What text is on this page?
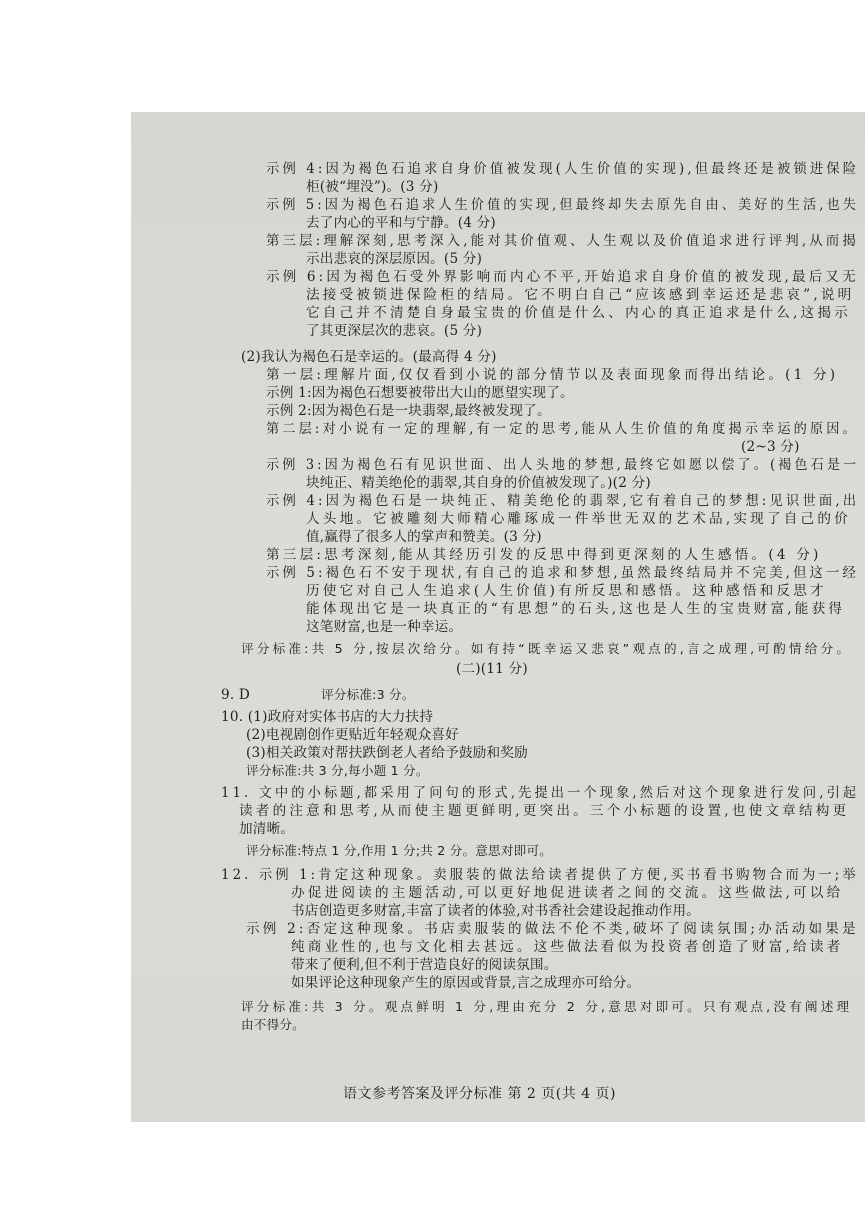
示例 4:因为褐色石追求自身价值被发现(人生价值的实现),但最终还是被锁进保险
柜(被“埋没”)。(3 分)
示例 5:因为褐色石追求人生价值的实现,但最终却失去原先自由、美好的生活,也失
去了内心的平和与宁静。(4 分)
第三层:理解深刻,思考深入,能对其价值观、人生观以及价值追求进行评判,从而揭
示出悲哀的深层原因。(5 分)
示例 6:因为褐色石受外界影响而内心不平,开始追求自身价值的被发现,最后又无
法接受被锁进保险柜的结局。它不明白自己“应该感到幸运还是悲哀”,说明
它自己并不清楚自身最宝贵的价值是什么、内心的真正追求是什么,这揭示
了其更深层次的悲哀。(5 分)
(2)我认为褐色石是幸运的。(最高得 4 分)
第一层:理解片面,仅仅看到小说的部分情节以及表面现象而得出结论。(1 分)
示例 1:因为褐色石想要被带出大山的愿望实现了。
示例 2:因为褐色石是一块翡翠,最终被发现了。
第二层:对小说有一定的理解,有一定的思考,能从人生价值的角度揭示幸运的原因。
(2~3 分)
示例 3:因为褐色石有见识世面、出人头地的梦想,最终它如愿以偿了。(褐色石是一
块纯正、精美绝伦的翡翠,其自身的价值被发现了。)(2 分)
示例 4:因为褐色石是一块纯正、精美绝伦的翡翠,它有着自己的梦想:见识世面,出
人头地。它被雕刻大师精心雕琢成一件举世无双的艺术品,实现了自己的价
值,赢得了很多人的掌声和赞美。(3 分)
第三层:思考深刻,能从其经历引发的反思中得到更深刻的人生感悟。(4 分)
示例 5:褐色石不安于现状,有自己的追求和梦想,虽然最终结局并不完美,但这一经
历使它对自己人生追求(人生价值)有所反思和感悟。这种感悟和反思才
能体现出它是一块真正的“有思想”的石头,这也是人生的宝贵财富,能获得
这笔财富,也是一种幸运。
评分标准:共 5 分,按层次给分。如有持“既幸运又悲哀”观点的,言之成理,可酌情给分。
(二)(11 分)
9. D	评分标准:3 分。
10. (1)政府对实体书店的大力扶持
(2)电视剧创作更贴近年轻观众喜好
(3)相关政策对帮扶跌倒老人者给予鼓励和奖励
评分标准:共 3 分,每小题 1 分。
11. 文中的小标题,都采用了问句的形式,先提出一个现象,然后对这个现象进行发问,引起
读者的注意和思考,从而使主题更鲜明,更突出。三个小标题的设置,也使文章结构更
加清晰。
评分标准:特点 1 分,作用 1 分;共 2 分。意思对即可。
12. 示例 1:肯定这种现象。卖服装的做法给读者提供了方便,买书看书购物合而为一;举
办促进阅读的主题活动,可以更好地促进读者之间的交流。这些做法,可以给
书店创造更多财富,丰富了读者的体验,对书香社会建设起推动作用。
示例 2:否定这种现象。书店卖服装的做法不伦不类,破坏了阅读氛围;办活动如果是
纯商业性的,也与文化相去甚远。这些做法看似为投资者创造了财富,给读者
带来了便利,但不利于营造良好的阅读氛围。
如果评论这种现象产生的原因或背景,言之成理亦可给分。
评分标准:共 3 分。观点鲜明 1 分,理由充分 2 分,意思对即可。只有观点,没有阐述理
由不得分。
语文参考答案及评分标准 第 2 页(共 4 页)
